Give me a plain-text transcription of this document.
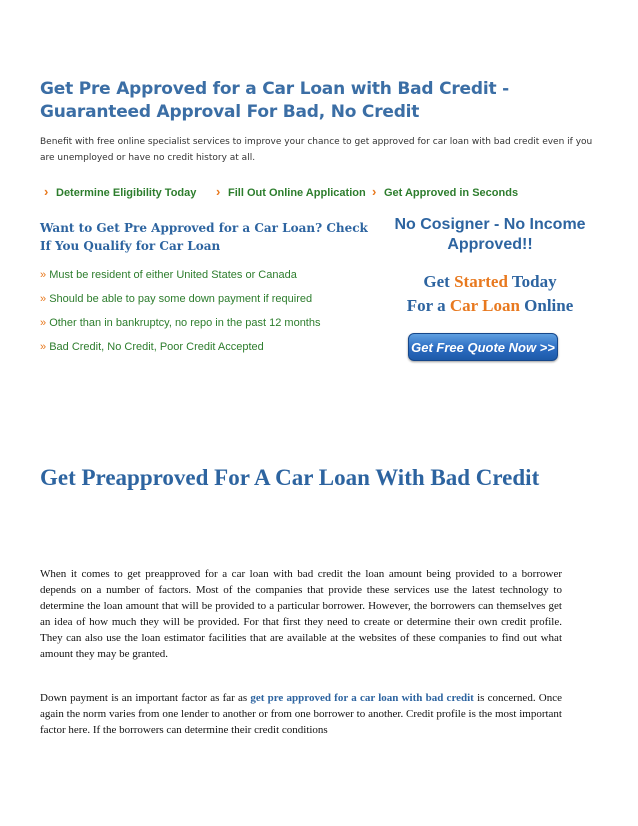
Get Pre Approved for a Car Loan with Bad Credit - Guaranteed Approval For Bad, No Credit

Benefit with free online specialist services to improve your chance to get approved for car loan with bad credit even if you are unemployed or have no credit history at all.

› Determine Eligibility Today › Fill Out Online Application › Get Approved in Seconds
Want to Get Pre Approved for a Car Loan? Check If You Qualify for Car Loan
» Must be resident of either United States or Canada
» Should be able to pay some down payment if required
» Other than in bankruptcy, no repo in the past 12 months
» Bad Credit, No Credit, Poor Credit Accepted

No Cosigner - No Income Approved!!

Get Started Today
For a Car Loan Online

Get Free Quote Now >>
Get Preapproved For A Car Loan With Bad Credit

When it comes to get preapproved for a car loan with bad credit the loan amount being provided to a borrower depends on a number of factors. Most of the companies that provide these services use the latest technology to determine the loan amount that will be provided to a particular borrower. However, the borrowers can themselves get an idea of how much they will be provided. For that first they need to create or determine their own credit profile. They can also use the loan estimator facilities that are available at the websites of these companies to find out what amount they may be granted.

Down payment is an important factor as far as get pre approved for a car loan with bad credit is concerned. Once again the norm varies from one lender to another or from one borrower to another. Credit profile is the most important factor here. If the borrowers can determine their credit conditions
